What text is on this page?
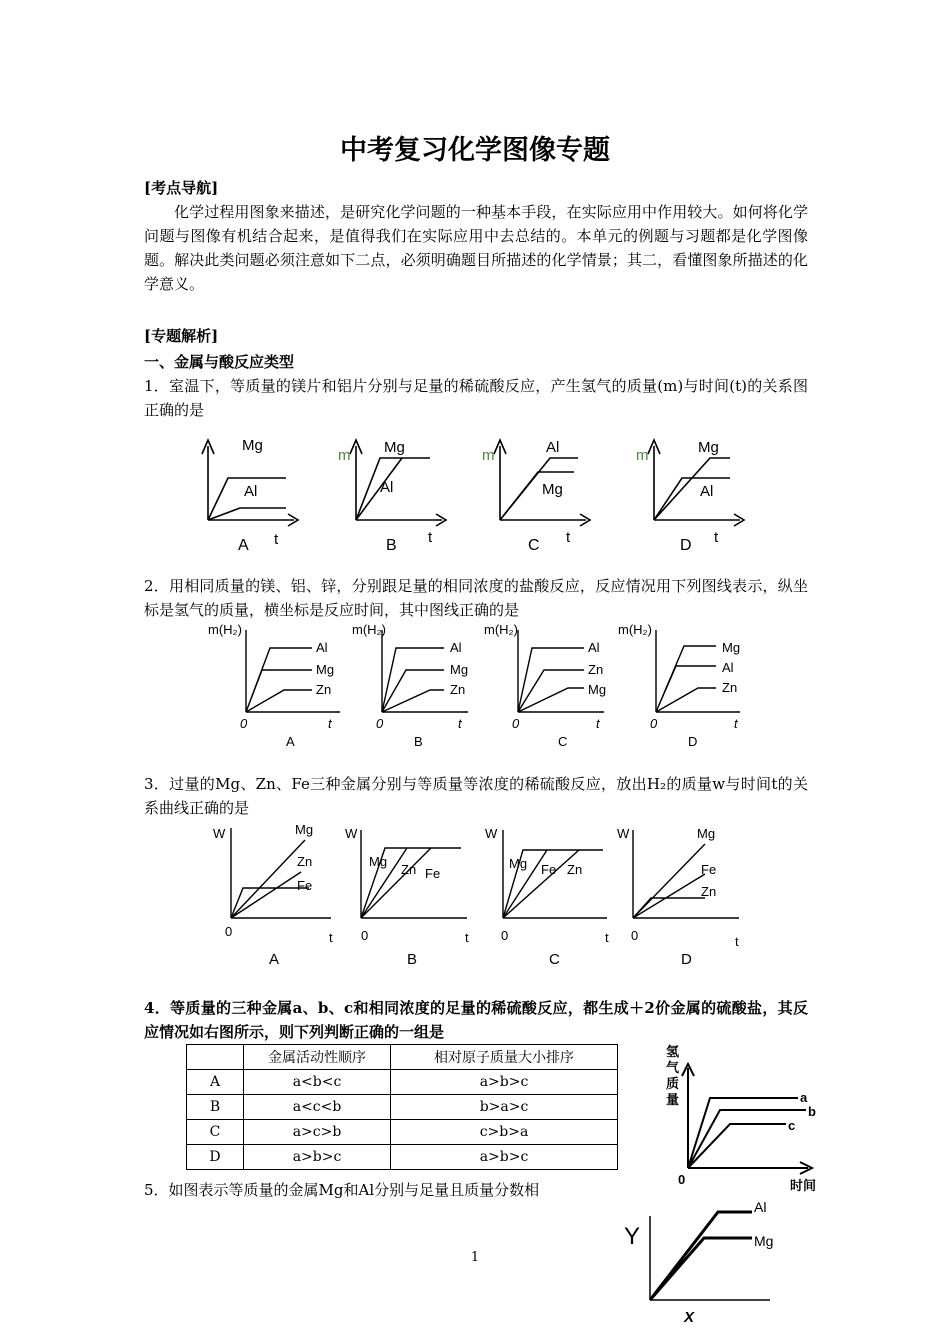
中考复习化学图像专题
[考点导航]
化学过程用图象来描述，是研究化学问题的一种基本手段，在实际应用中作用较大。如何将化学问题与图像有机结合起来，是值得我们在实际应用中去总结的。本单元的例题与习题都是化学图像题。解决此类问题必须注意如下二点，必须明确题目所描述的化学情景；其二，看懂图象所描述的化学意义。
[专题解析]
一、金属与酸反应类型
1．室温下，等质量的镁片和铝片分别与足量的稀硫酸反应，产生氢气的质量(m)与时间(t)的关系图正确的是
Mg
Al
t
A
m Mg
Al
t
B
m	Al
Mg
t
C
m	Mg
Al
t
D
2．用相同质量的镁、铝、锌，分别跟足量的相同浓度的盐酸反应，反应情况用下列图线表示，纵坐标是氢气的质量，横坐标是反应时间，其中图线正确的是
m(H₂)
Al
Mg
Zn
0	t
A
m(H₂)
Al
Mg
Zn
0	t
B
m(H₂)
Al
Zn
Mg
0	t
C
m(H₂)
Mg
Al
Zn
0	t
D
3．过量的Mg、Zn、Fe三种金属分别与等质量等浓度的稀硫酸反应，放出H₂的质量w与时间t的关系曲线正确的是
W	Mg
Zn
Fe
0	t
A
W
Mg
Zn Fe
0	t
B
W
Mg Fe Zn
0	t
C
W	Mg
Fe
Zn
0	t
D
4．等质量的三种金属a、b、c和相同浓度的足量的稀硫酸反应，都生成＋2价金属的硫酸盐，其反应情况如右图所示，则下列判断正确的一组是
	金属活动性顺序	相对原子质量大小排序
A	a<b<c	a>b>c
B	a<c<b	b>a>c
C	a>c>b	c>b>a
D	a>b>c	a>b>c
氢
气
质
量	a
b
c
0	时间
5．如图表示等质量的金属Mg和Al分别与足量且质量分数相
Y
Al
Mg
X
1
